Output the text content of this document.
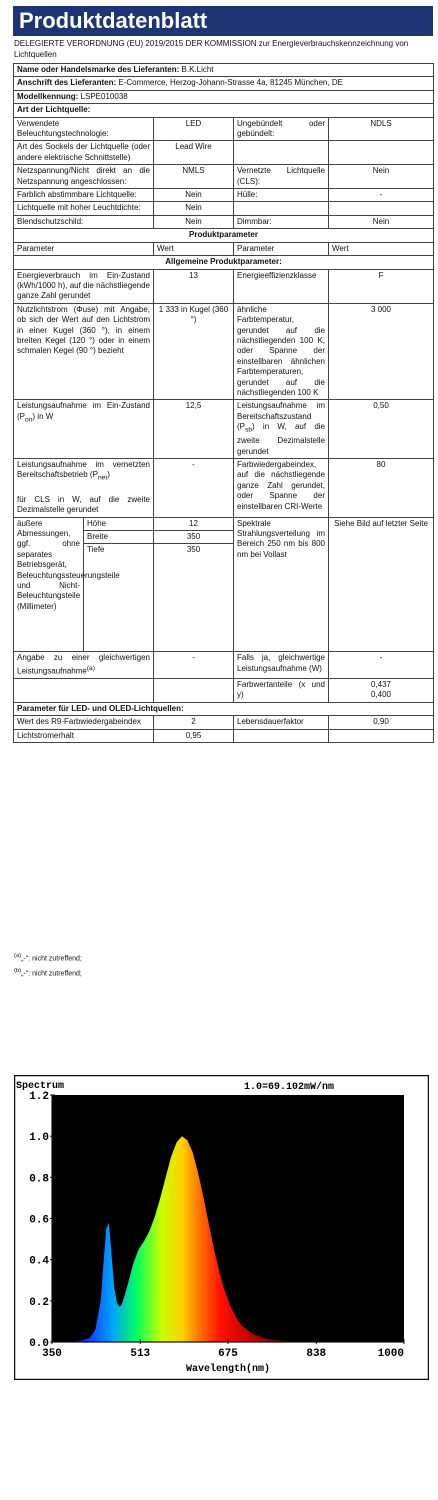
Produktdatenblatt
DELEGIERTE VERORDNUNG (EU) 2019/2015 DER KOMMISSION zur Energieverbrauchskennzeichnung von Lichtquellen
Name oder Handelsmarke des Lieferanten: B.K.Licht				
Anschrift des Lieferanten: E-Commerce, Herzog-Johann-Strasse 4a, 81245 München, DE				
Modellkennung: LSPE010038				
Art der Lichtquelle:				
Verwendete Beleuchtungstechnologie:		LED	Ungebündelt oder gebündelt:	NDLS
Art des Sockels der Lichtquelle (oder andere elektrische Schnittstelle)		Lead Wire		
Netzspannung/Nicht direkt an die Netzspannung angeschlossen:		NMLS	Vernetzte Lichtquelle (CLS):	Nein
Farblich abstimmbare Lichtquelle:		Nein	Hülle:	-
Lichtquelle mit hoher Leuchtdichte:		Nein		
Blendschutzschild:		Nein	Dimmbar:	Nein
Produktparameter				
Parameter		Wert	Parameter	Wert
Allgemeine Produktparameter:				
Energieverbrauch im Ein-Zustand (kWh/1000 h), auf die nächstliegende ganze Zahl gerundet		13	Energieeffizienzklasse	F
Nutzlichtstrom (Φuse) mit Angabe, ob sich der Wert auf den Lichtstrom in einer Kugel (360 °), in einem breiten Kegel (120 °) oder in einem schmalen Kegel (90 °) bezieht		1 333 in Kugel (360 °)	ähnliche Farbtemperatur, gerundet auf die nächstliegenden 100 K, oder Spanne der einstellbaren ähnlichen Farbtemperaturen, gerundet auf die nächstliegenden 100 K	3 000
Leistungsaufnahme im Ein-Zustand $(P_{on})$ in W		12,5	Leistungsaufnahme im Bereitschaftszustand $(P_{sb})$ in W, auf die zweite Dezimalstelle gerundet	0,50
Leistungsaufnahme im vernetzten Bereitschaftsbetrieb $(P_{net})$

für CLS in W, auf die zweite Dezimalstelle gerundet		-	Farbwiedergabeindex, auf die nächstliegende ganze Zahl gerundet, oder Spanne der einstellbaren CRI-Werte	80
äußere Abmessungen, ggf. ohne separates Betriebsgerät, Beleuchtungssteuerungsteile und Nicht-Beleuchtungsteile (Millimeter)	Höhe	12	Spektrale Strahlungsverteilung im Bereich 250 nm bis 800 nm bei Vollast	Siehe Bild auf letzter Seite
	Breite	350		
	Tiefe	350		
Angabe zu einer gleichwertigen Leistungsaufnahme$^{(a)}$		-	Falls ja, gleichwertige Leistungsaufnahme (W)	-
			Farbwertanteile (x und y)	0,437
0,400
Parameter für LED- und OLED-Lichtquellen:				
Wert des R9-Farbwiedergabeindex		2	Lebensdauerfaktor	0,90
Lichtstromerhalt		0,95		
$^{(a)}$„-": nicht zutreffend;
$^{(b)}$„-": nicht zutreffend;
0.0
0.2
0.4
0.6
0.8
1.0
1.2
350	513	675	838	1000
Spectrum	1.0=69.102mW/nm
Wavelength(nm)
